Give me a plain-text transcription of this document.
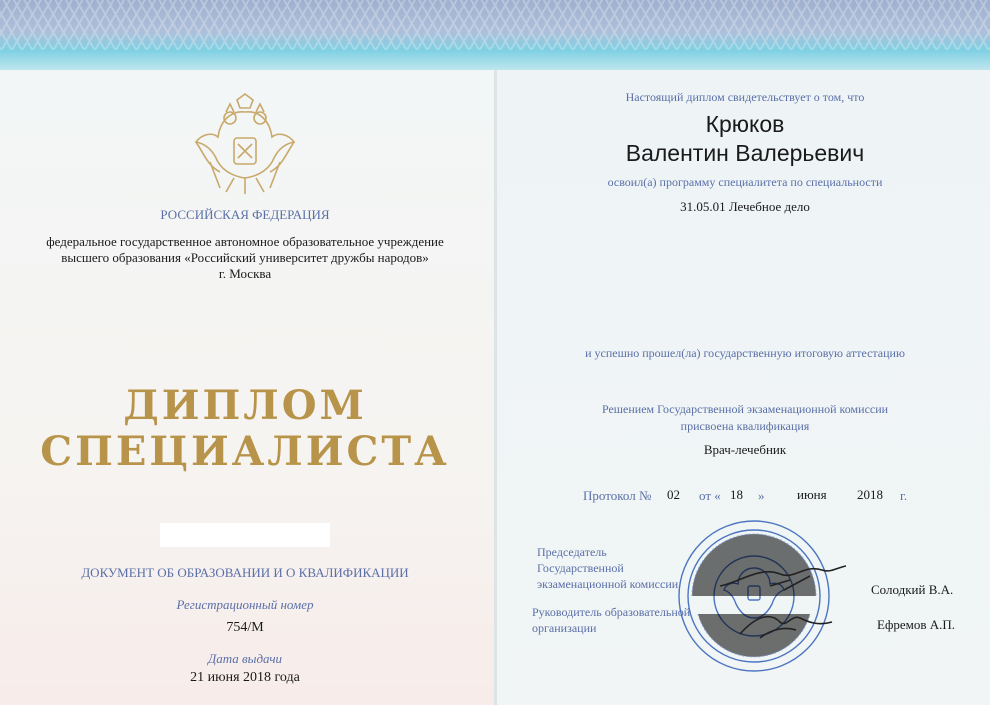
РОССИЙСКАЯ ФЕДЕРАЦИЯ
федеральное государственное автономное образовательное учреждение
высшего образования «Российский университет дружбы народов»
г. Москва
ДИПЛОМ
СПЕЦИАЛИСТА
ДОКУМЕНТ ОБ ОБРАЗОВАНИИ И О КВАЛИФИКАЦИИ
Регистрационный номер
754/М
Дата выдачи
21 июня 2018 года
Настоящий диплом свидетельствует о том, что
Крюков
Валентин Валерьевич
освоил(а) программу специалитета по специальности
31.05.01 Лечебное дело
и успешно прошел(ла) государственную итоговую аттестацию
Решением Государственной экзаменационной комиссии
присвоена квалификация
Врач-лечебник
Протокол № 02 от « 18 »	июня 2018 г.
Председатель
Государственной
экзаменационной комиссии	Солодкий В.А.
Руководитель образовательной
организации	Ефремов А.П.
